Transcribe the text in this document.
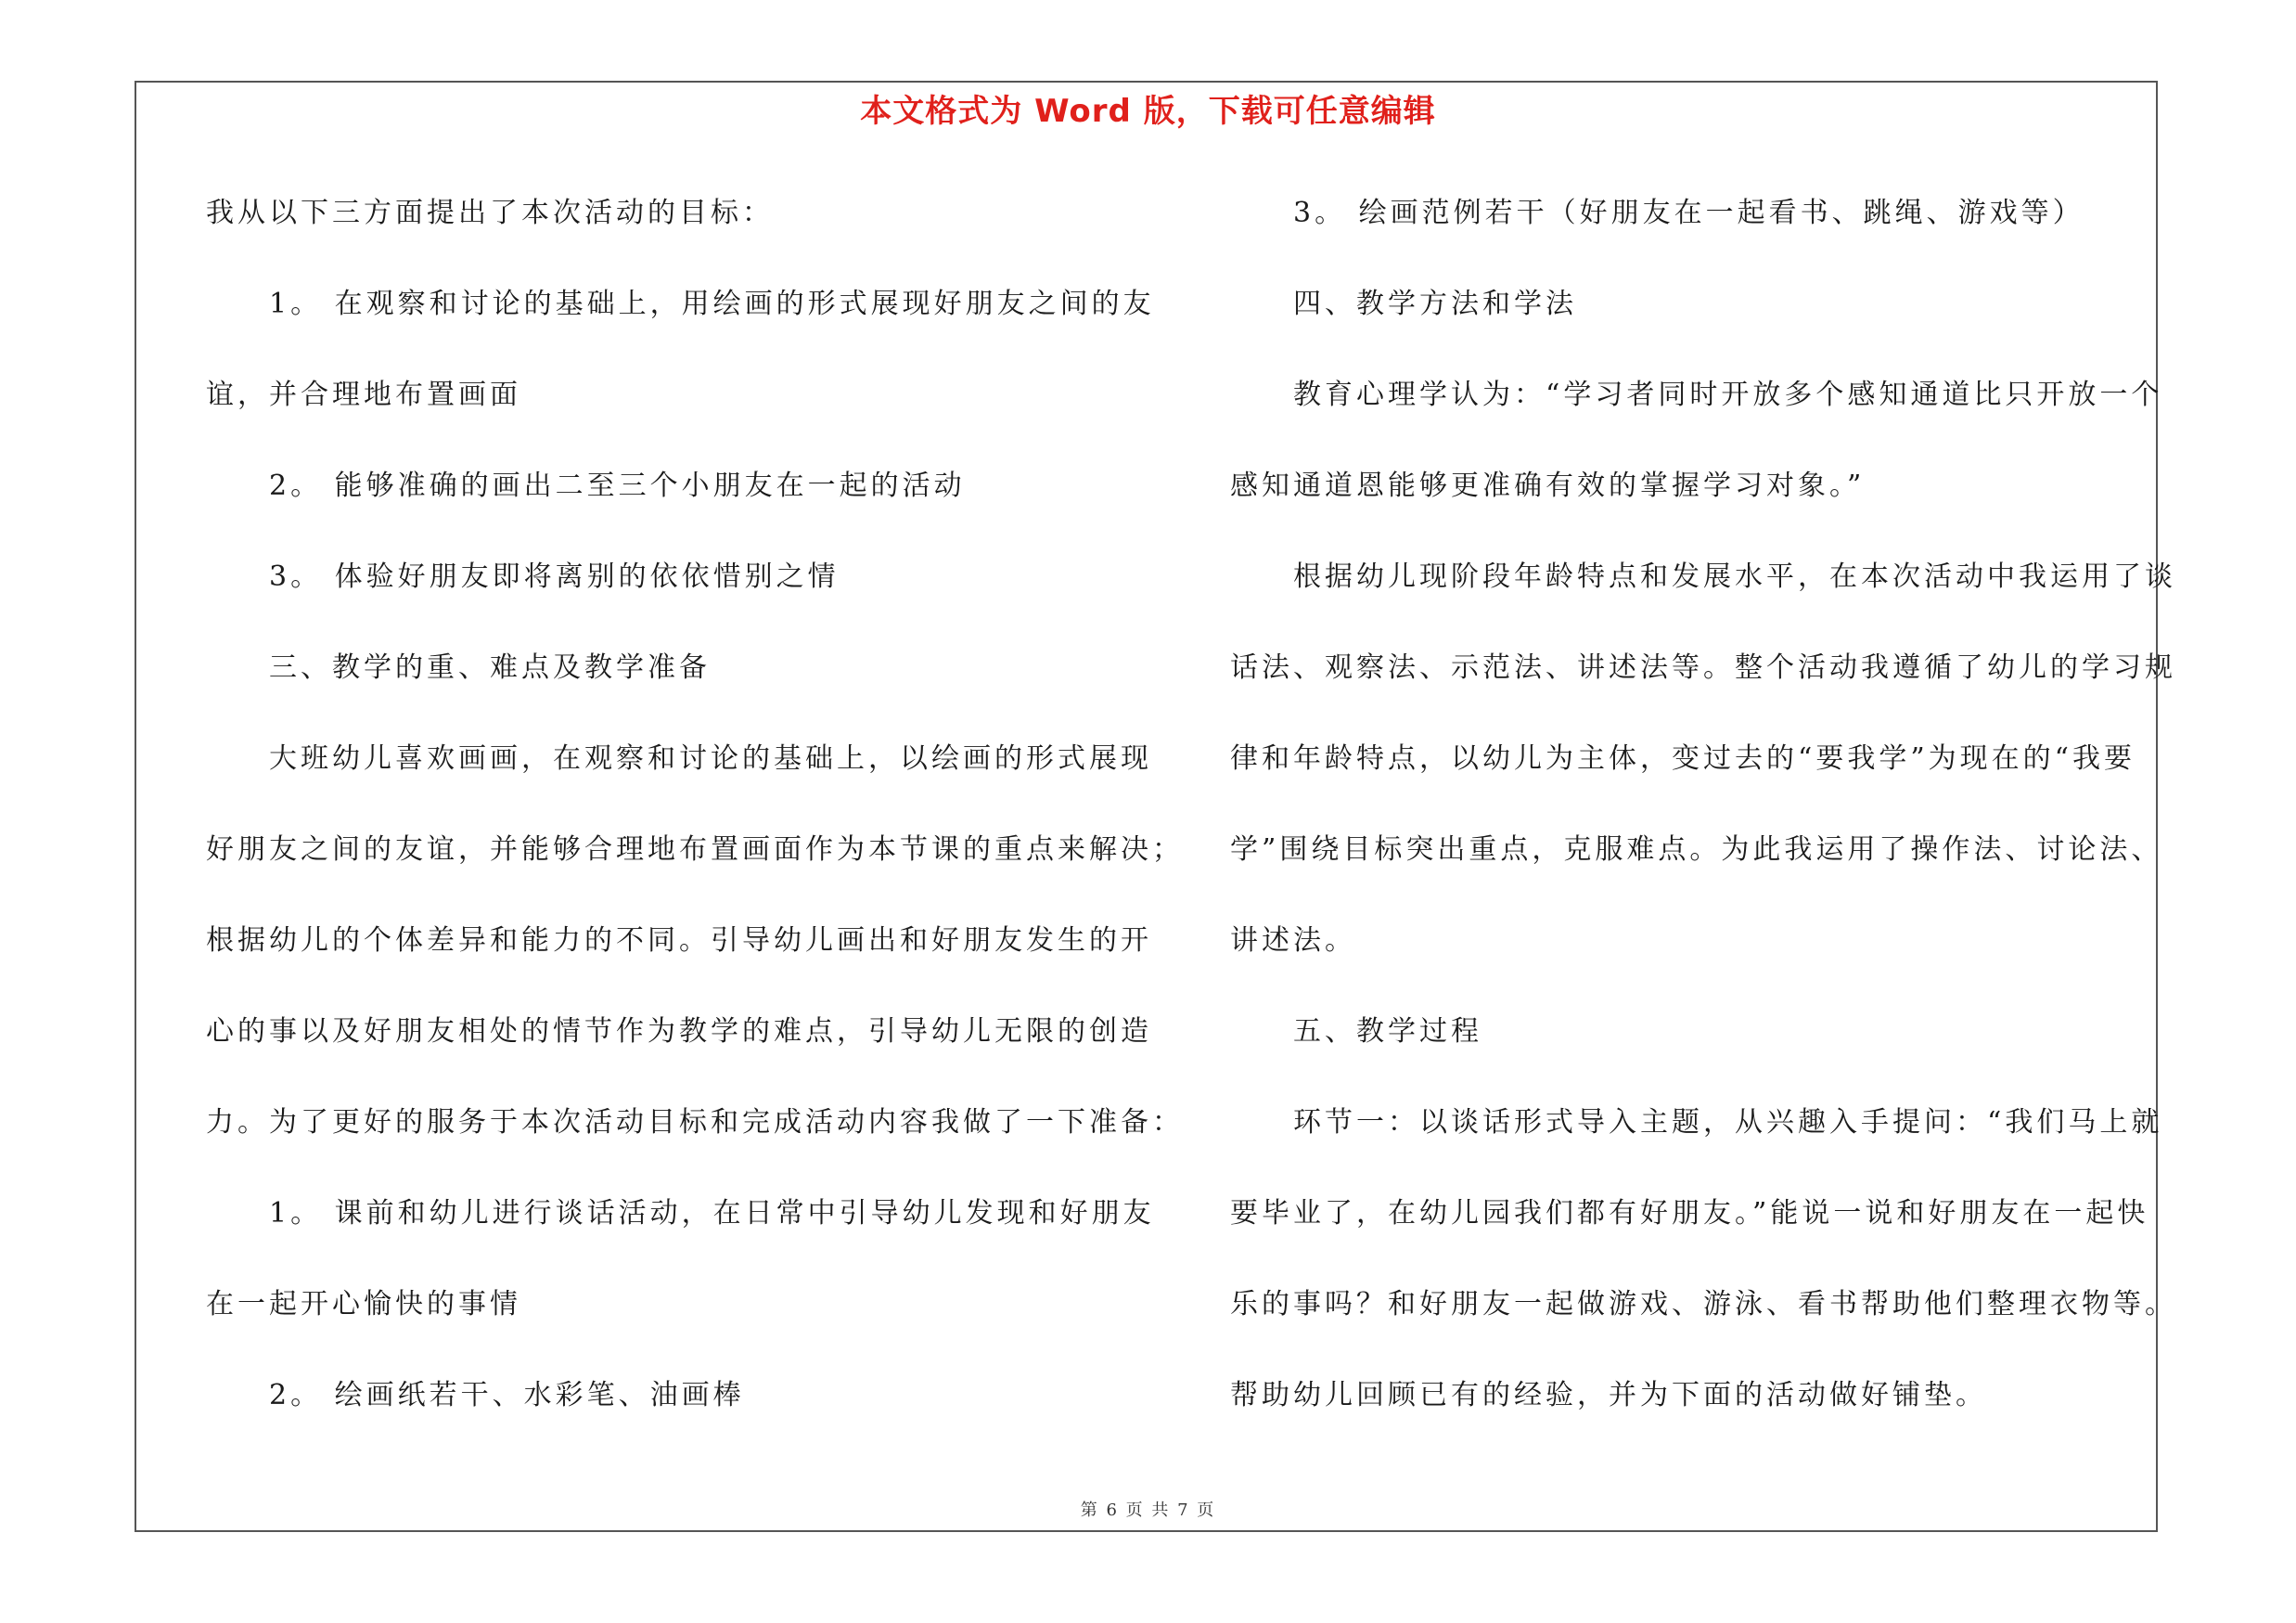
本文格式为 Word 版，下载可任意编辑
我从以下三方面提出了本次活动的目标：
1。 在观察和讨论的基础上，用绘画的形式展现好朋友之间的友
谊，并合理地布置画面
2。 能够准确的画出二至三个小朋友在一起的活动
3。 体验好朋友即将离别的依依惜别之情
三、教学的重、难点及教学准备
大班幼儿喜欢画画，在观察和讨论的基础上，以绘画的形式展现
好朋友之间的友谊，并能够合理地布置画面作为本节课的重点来解决；
根据幼儿的个体差异和能力的不同。引导幼儿画出和好朋友发生的开
心的事以及好朋友相处的情节作为教学的难点，引导幼儿无限的创造
力。为了更好的服务于本次活动目标和完成活动内容我做了一下准备：
1。 课前和幼儿进行谈话活动，在日常中引导幼儿发现和好朋友
在一起开心愉快的事情
2。 绘画纸若干、水彩笔、油画棒
3。 绘画范例若干（好朋友在一起看书、跳绳、游戏等）
四、教学方法和学法
教育心理学认为：“学习者同时开放多个感知通道比只开放一个
感知通道恩能够更准确有效的掌握学习对象。”
根据幼儿现阶段年龄特点和发展水平，在本次活动中我运用了谈
话法、观察法、示范法、讲述法等。整个活动我遵循了幼儿的学习规
律和年龄特点，以幼儿为主体，变过去的“要我学”为现在的“我要
学”围绕目标突出重点，克服难点。为此我运用了操作法、讨论法、
讲述法。
五、教学过程
环节一：以谈话形式导入主题，从兴趣入手提问：“我们马上就
要毕业了，在幼儿园我们都有好朋友。”能说一说和好朋友在一起快
乐的事吗？和好朋友一起做游戏、游泳、看书帮助他们整理衣物等。
帮助幼儿回顾已有的经验，并为下面的活动做好铺垫。
第 6 页 共 7 页
